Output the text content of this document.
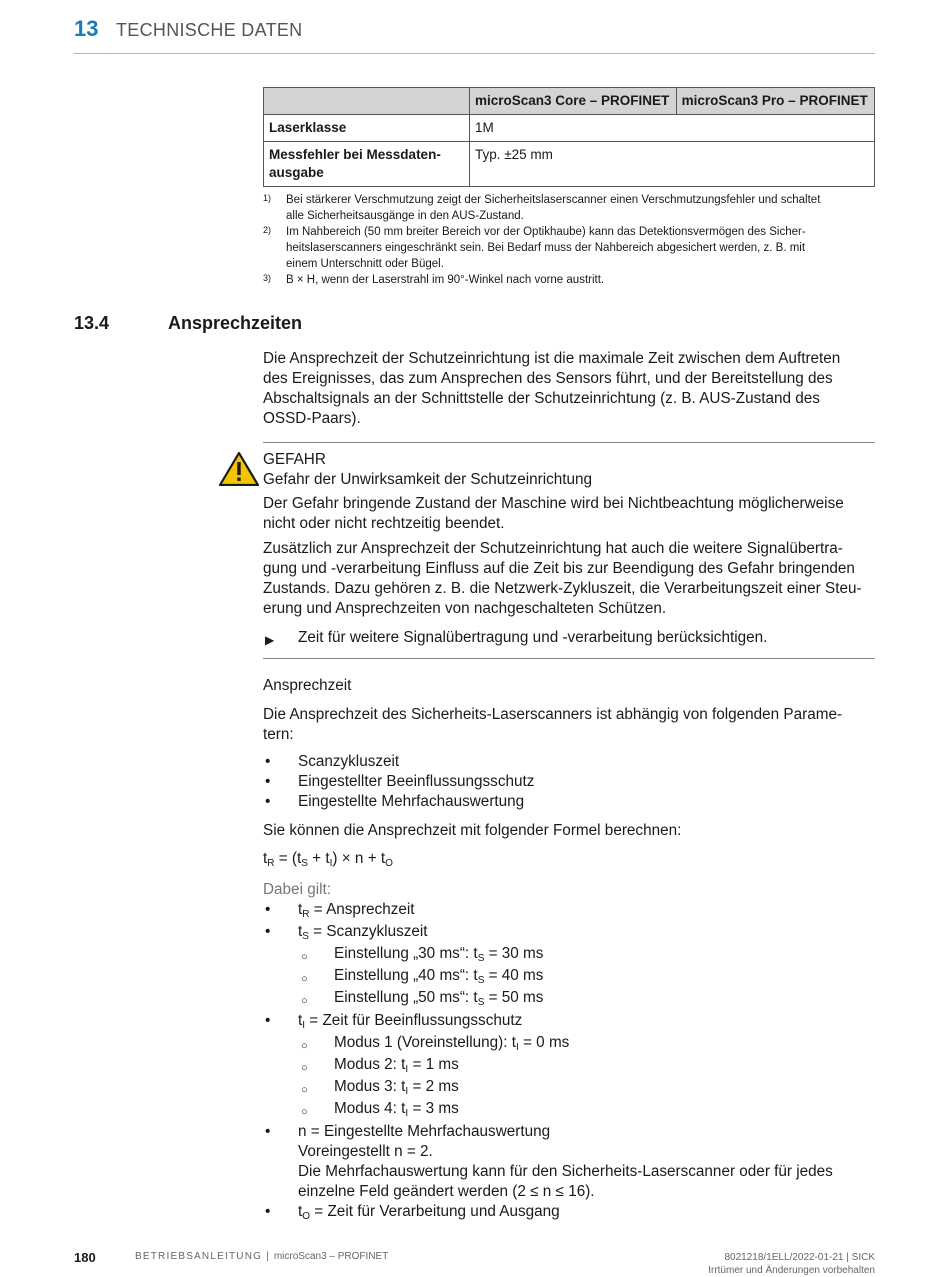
13 TECHNISCHE DATEN
	microScan3 Core – PROFINET	microScan3 Pro – PROFINET
Laserklasse	1M	
Messfehler bei Messdaten-
ausgabe	Typ. ±25 mm	
1) Bei stärkerer Verschmutzung zeigt der Sicherheitslaserscanner einen Verschmutzungsfehler und schaltet
alle Sicherheitsausgänge in den AUS-Zustand.
2) Im Nahbereich (50 mm breiter Bereich vor der Optikhaube) kann das Detektionsvermögen des Sicher-
heitslaserscanners eingeschränkt sein. Bei Bedarf muss der Nahbereich abgesichert werden, z. B. mit
einem Unterschnitt oder Bügel.
3) B × H, wenn der Laserstrahl im 90°-Winkel nach vorne austritt.
13.4	Ansprechzeiten
Die Ansprechzeit der Schutzeinrichtung ist die maximale Zeit zwischen dem Auftreten
des Ereignisses, das zum Ansprechen des Sensors führt, und der Bereitstellung des
Abschaltsignals an der Schnittstelle der Schutzeinrichtung (z. B. AUS-Zustand des
OSSD-Paars).
GEFAHR
Gefahr der Unwirksamkeit der Schutzeinrichtung
Der Gefahr bringende Zustand der Maschine wird bei Nichtbeachtung möglicherweise
nicht oder nicht rechtzeitig beendet.
Zusätzlich zur Ansprechzeit der Schutzeinrichtung hat auch die weitere Signalübertra-
gung und -verarbeitung Einfluss auf die Zeit bis zur Beendigung des Gefahr bringenden
Zustands. Dazu gehören z. B. die Netzwerk-Zykluszeit, die Verarbeitungszeit einer Steu-
erung und Ansprechzeiten von nachgeschalteten Schützen.
▶ Zeit für weitere Signalübertragung und -verarbeitung berücksichtigen.
Ansprechzeit
Die Ansprechzeit des Sicherheits-Laserscanners ist abhängig von folgenden Parame-
tern:
• Scanzykluszeit
• Eingestellter Beeinflussungsschutz
• Eingestellte Mehrfachauswertung
Sie können die Ansprechzeit mit folgender Formel berechnen:
$t_R = (t_S + t_I) \times n + t_O$
Dabei gilt:
• $t_R$ = Ansprechzeit
• $t_S$ = Scanzykluszeit
○ Einstellung „30 ms“: $t_S = 30$ ms
○ Einstellung „40 ms“: $t_S = 40$ ms
○ Einstellung „50 ms“: $t_S = 50$ ms
• $t_I$ = Zeit für Beeinflussungsschutz
○ Modus 1 (Voreinstellung): $t_I = 0$ ms
○ Modus 2: $t_I = 1$ ms
○ Modus 3: $t_I = 2$ ms
○ Modus 4: $t_I = 3$ ms
• n = Eingestellte Mehrfachauswertung
Voreingestellt n = 2.
Die Mehrfachauswertung kann für den Sicherheits-Laserscanner oder für jedes
einzelne Feld geändert werden (2 ≤ n ≤ 16).
• $t_O$ = Zeit für Verarbeitung und Ausgang
180	BETRIEBSANLEITUNG | microScan3 – PROFINET	8021218/1ELL/2022-01-21 | SICK
Irrtümer und Änderungen vorbehalten
